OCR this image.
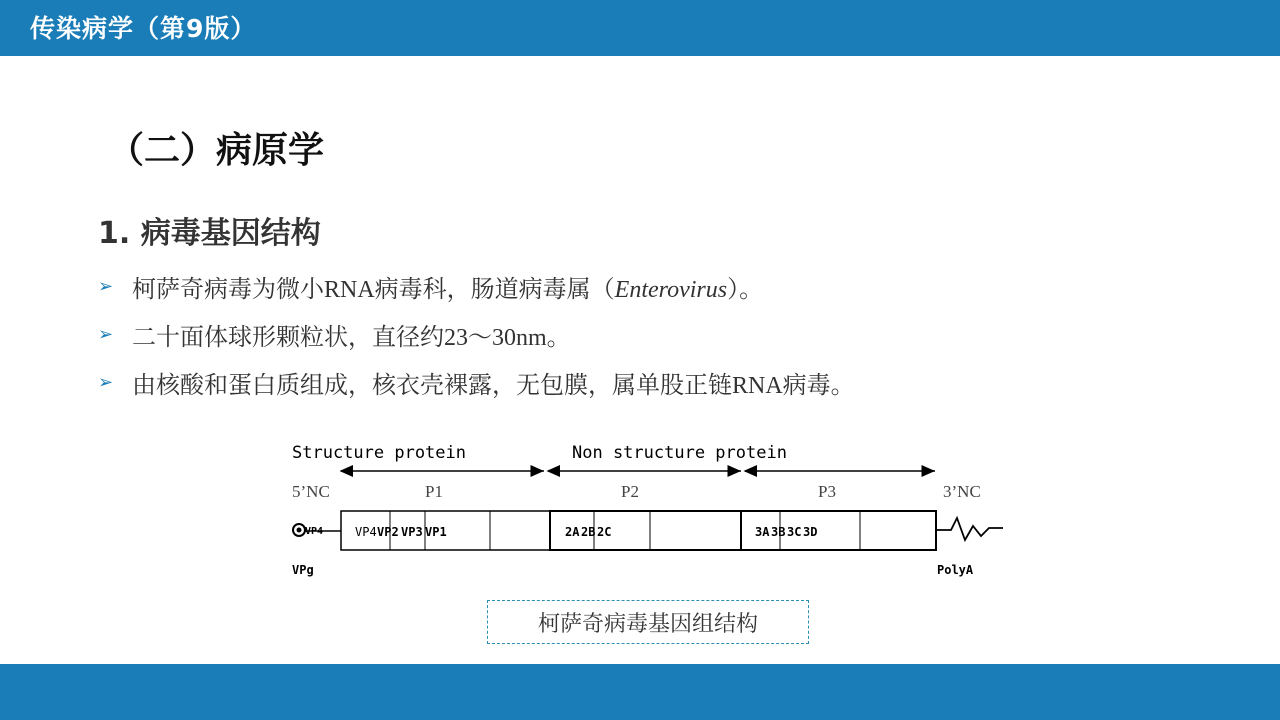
传染病学（第9版）
（二）病原学
1. 病毒基因结构
➢ 柯萨奇病毒为微小RNA病毒科，肠道病毒属（Enterovirus）。
➢ 二十面体球形颗粒状，直径约23～30nm。
➢ 由核酸和蛋白质组成，核衣壳裸露，无包膜，属单股正链RNA病毒。
Structure protein	Non structure protein
5’NC	P1	P2	P3	3’NC
VP4	VP4 VP2 VP3 VP1	2A 2B 2C	3A 3B 3C 3D
VPg	PolyA
柯萨奇病毒基因组结构
